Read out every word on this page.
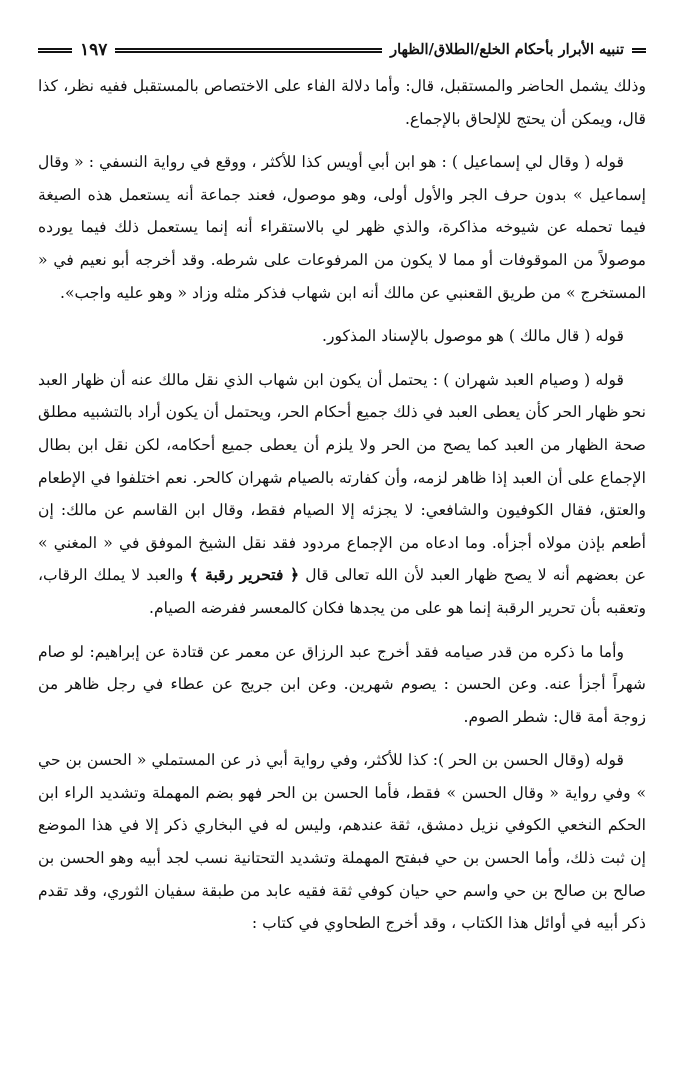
تنبيه الأبرار بأحكام الخلع/الطلاق/الظهار
١٩٧

وذلك يشمل الحاضر والمستقبل، قال: وأما دلالة الفاء على الاختصاص بالمستقبل ففيه نظر، كذا قال، ويمكن أن يحتج للإلحاق بالإجماع.

قوله ( وقال لي إسماعيل ) : هو ابن أبي أويس كذا للأكثر ، ووقع في رواية النسفي : « وقال إسماعيل » بدون حرف الجر والأول أولى، وهو موصول، فعند جماعة أنه يستعمل هذه الصيغة فيما تحمله عن شيوخه مذاكرة، والذي ظهر لي بالاستقراء أنه إنما يستعمل ذلك فيما يورده موصولاً من الموقوفات أو مما لا يكون من المرفوعات على شرطه. وقد أخرجه أبو نعيم في « المستخرج » من طريق القعنبي عن مالك أنه ابن شهاب فذكر مثله وزاد « وهو عليه واجب».

قوله ( قال مالك ) هو موصول بالإسناد المذكور.

قوله ( وصيام العبد شهران ) : يحتمل أن يكون ابن شهاب الذي نقل مالك عنه أن ظهار العبد نحو ظهار الحر كأن يعطى العبد في ذلك جميع أحكام الحر، ويحتمل أن يكون أراد بالتشبيه مطلق صحة الظهار من العبد كما يصح من الحر ولا يلزم أن يعطى جميع أحكامه، لكن نقل ابن بطال الإجماع على أن العبد إذا ظاهر لزمه، وأن كفارته بالصيام شهران كالحر. نعم اختلفوا في الإطعام والعتق، فقال الكوفيون والشافعي: لا يجزئه إلا الصيام فقط، وقال ابن القاسم عن مالك: إن أطعم بإذن مولاه أجزأه. وما ادعاه من الإجماع مردود فقد نقل الشيخ الموفق في « المغني » عن بعضهم أنه لا يصح ظهار العبد لأن الله تعالى قال ﴿ فتحرير رقبة ﴾ والعبد لا يملك الرقاب، وتعقبه بأن تحرير الرقبة إنما هو على من يجدها فكان كالمعسر ففرضه الصيام.

وأما ما ذكره من قدر صيامه فقد أخرج عبد الرزاق عن معمر عن قتادة عن إبراهيم: لو صام شهراً أجزأ عنه. وعن الحسن : يصوم شهرين. وعن ابن جريج عن عطاء في رجل ظاهر من زوجة أمة قال: شطر الصوم.

قوله (وقال الحسن بن الحر ): كذا للأكثر، وفي رواية أبي ذر عن المستملي « الحسن بن حي » وفي رواية « وقال الحسن » فقط، فأما الحسن بن الحر فهو بضم المهملة وتشديد الراء ابن الحكم النخعي الكوفي نزيل دمشق، ثقة عندهم، وليس له في البخاري ذكر إلا في هذا الموضع إن ثبت ذلك، وأما الحسن بن حي فبفتح المهملة وتشديد التحتانية نسب لجد أبيه وهو الحسن بن صالح بن صالح بن حي واسم حي حيان كوفي ثقة فقيه عابد من طبقة سفيان الثوري، وقد تقدم ذكر أبيه في أوائل هذا الكتاب ، وقد أخرج الطحاوي في كتاب :
